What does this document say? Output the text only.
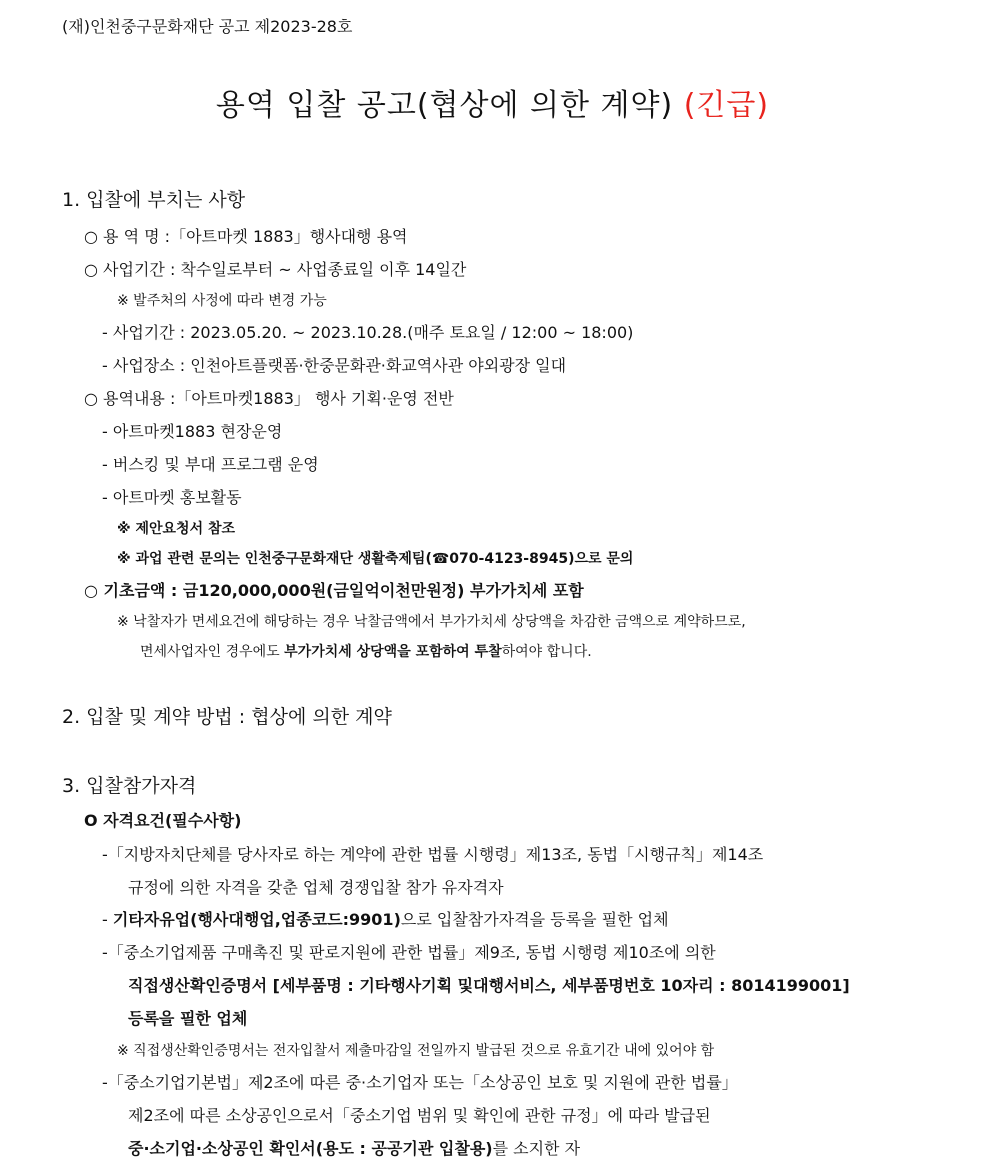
(재)인천중구문화재단 공고 제2023-28호
용역 입찰 공고(협상에 의한 계약) (긴급)
1. 입찰에 부치는 사항
○ 용 역 명 :「아트마켓 1883」행사대행 용역
○ 사업기간 : 착수일로부터 ~ 사업종료일 이후 14일간
※ 발주처의 사정에 따라 변경 가능
- 사업기간 : 2023.05.20. ~ 2023.10.28.(매주 토요일 / 12:00 ~ 18:00)
- 사업장소 : 인천아트플랫폼·한중문화관·화교역사관 야외광장 일대
○ 용역내용 :「아트마켓1883」 행사 기획·운영 전반
- 아트마켓1883 현장운영
- 버스킹 및 부대 프로그램 운영
- 아트마켓 홍보활동
※ 제안요청서 참조
※ 과업 관련 문의는 인천중구문화재단 생활축제팀(☎070-4123-8945)으로 문의
○ 기초금액 : 금120,000,000원(금일억이천만원정) 부가가치세 포함
※ 낙찰자가 면세요건에 해당하는 경우 낙찰금액에서 부가가치세 상당액을 차감한 금액으로 계약하므로,
면세사업자인 경우에도 부가가치세 상당액을 포함하여 투찰하여야 합니다.
2. 입찰 및 계약 방법 : 협상에 의한 계약
3. 입찰참가자격
O 자격요건(필수사항)
-「지방자치단체를 당사자로 하는 계약에 관한 법률 시행령」제13조, 동법「시행규칙」제14조
규정에 의한 자격을 갖춘 업체 경쟁입찰 참가 유자격자
- 기타자유업(행사대행업,업종코드:9901)으로 입찰참가자격을 등록을 필한 업체
-「중소기업제품 구매촉진 및 판로지원에 관한 법률」제9조, 동법 시행령 제10조에 의한
직접생산확인증명서 [세부품명 : 기타행사기획 및대행서비스, 세부품명번호 10자리 : 8014199001]
등록을 필한 업체
※ 직접생산확인증명서는 전자입찰서 제출마감일 전일까지 발급된 것으로 유효기간 내에 있어야 함
-「중소기업기본법」제2조에 따른 중·소기업자 또는「소상공인 보호 및 지원에 관한 법률」
제2조에 따른 소상공인으로서「중소기업 범위 및 확인에 관한 규정」에 따라 발급된
중·소기업·소상공인 확인서(용도 : 공공기관 입찰용)를 소지한 자
